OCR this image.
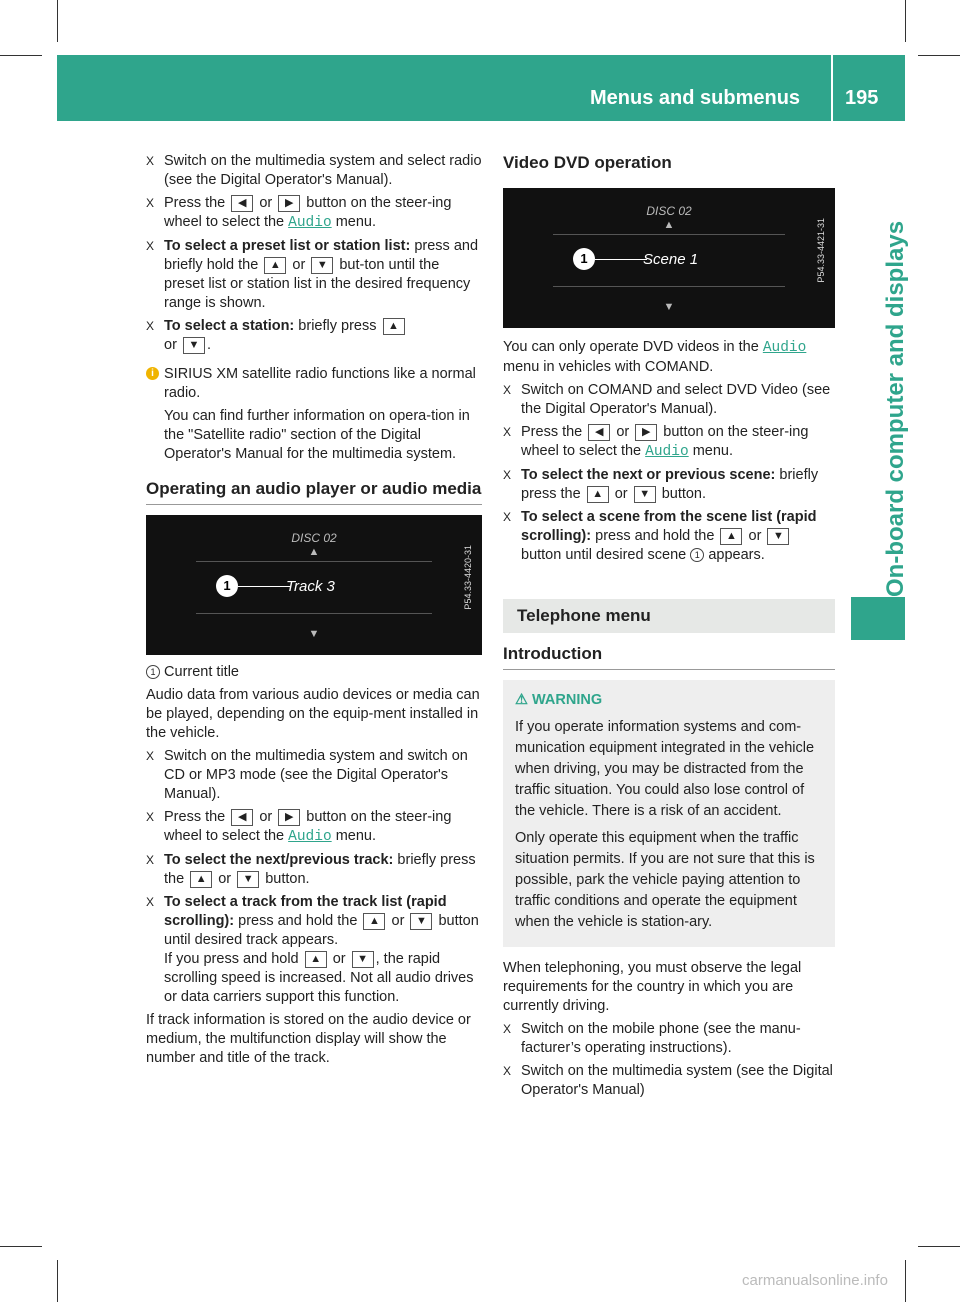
Menus and submenus 195
On-board computer and displays
X Switch on the multimedia system and select radio (see the Digital Operator's Manual).
X Press the ◀ or ▶ button on the steer-ing wheel to select the Audio menu.
X To select a preset list or station list: press and briefly hold the ▲ or ▼ but-ton until the preset list or station list in the desired frequency range is shown.
X To select a station: briefly press ▲
or ▼ .
i SIRIUS XM satellite radio functions like a normal radio.
You can find further information on opera-tion in the "Satellite radio" section of the Digital Operator's Manual for the multimedia system.
Operating an audio player or audio media
DISC 02
▲
1	Track 3
▼
P54.33-4420-31

1 Current title

Audio data from various audio devices or media can be played, depending on the equip-ment installed in the vehicle.

X Switch on the multimedia system and switch on CD or MP3 mode (see the Digital Operator's Manual).
X Press the ◀ or ▶ button on the steer-ing wheel to select the Audio menu.
X To select the next/previous track: briefly press the ▲ or ▼ button.
X To select a track from the track list (rapid scrolling): press and hold the ▲ or ▼ button until desired track appears.
If you press and hold ▲ or ▼ , the rapid scrolling speed is increased. Not all audio drives or data carriers support this function.

If track information is stored on the audio device or medium, the multifunction display will show the number and title of the track.

Video DVD operation
DISC 02
▲
1	Scene 1
▼
P54.33-4421-31

You can only operate DVD videos in the Audio menu in vehicles with COMAND.

X Switch on COMAND and select DVD Video (see the Digital Operator's Manual).
X Press the ◀ or ▶ button on the steer-ing wheel to select the Audio menu.
X To select the next or previous scene: briefly press the ▲ or ▼ button.
X To select a scene from the scene list (rapid scrolling): press and hold the ▲ or ▼ button until desired scene 1 appears.
Telephone menu
Introduction
⚠ WARNING

If you operate information systems and com-munication equipment integrated in the vehicle when driving, you may be distracted from the traffic situation. You could also lose control of the vehicle. There is a risk of an accident.

Only operate this equipment when the traffic situation permits. If you are not sure that this is possible, park the vehicle paying attention to traffic conditions and operate the equipment when the vehicle is station-ary.

When telephoning, you must observe the legal requirements for the country in which you are currently driving.

X Switch on the mobile phone (see the manu-facturer’s operating instructions).
X Switch on the multimedia system (see the Digital Operator's Manual)
carmanualsonline.info
